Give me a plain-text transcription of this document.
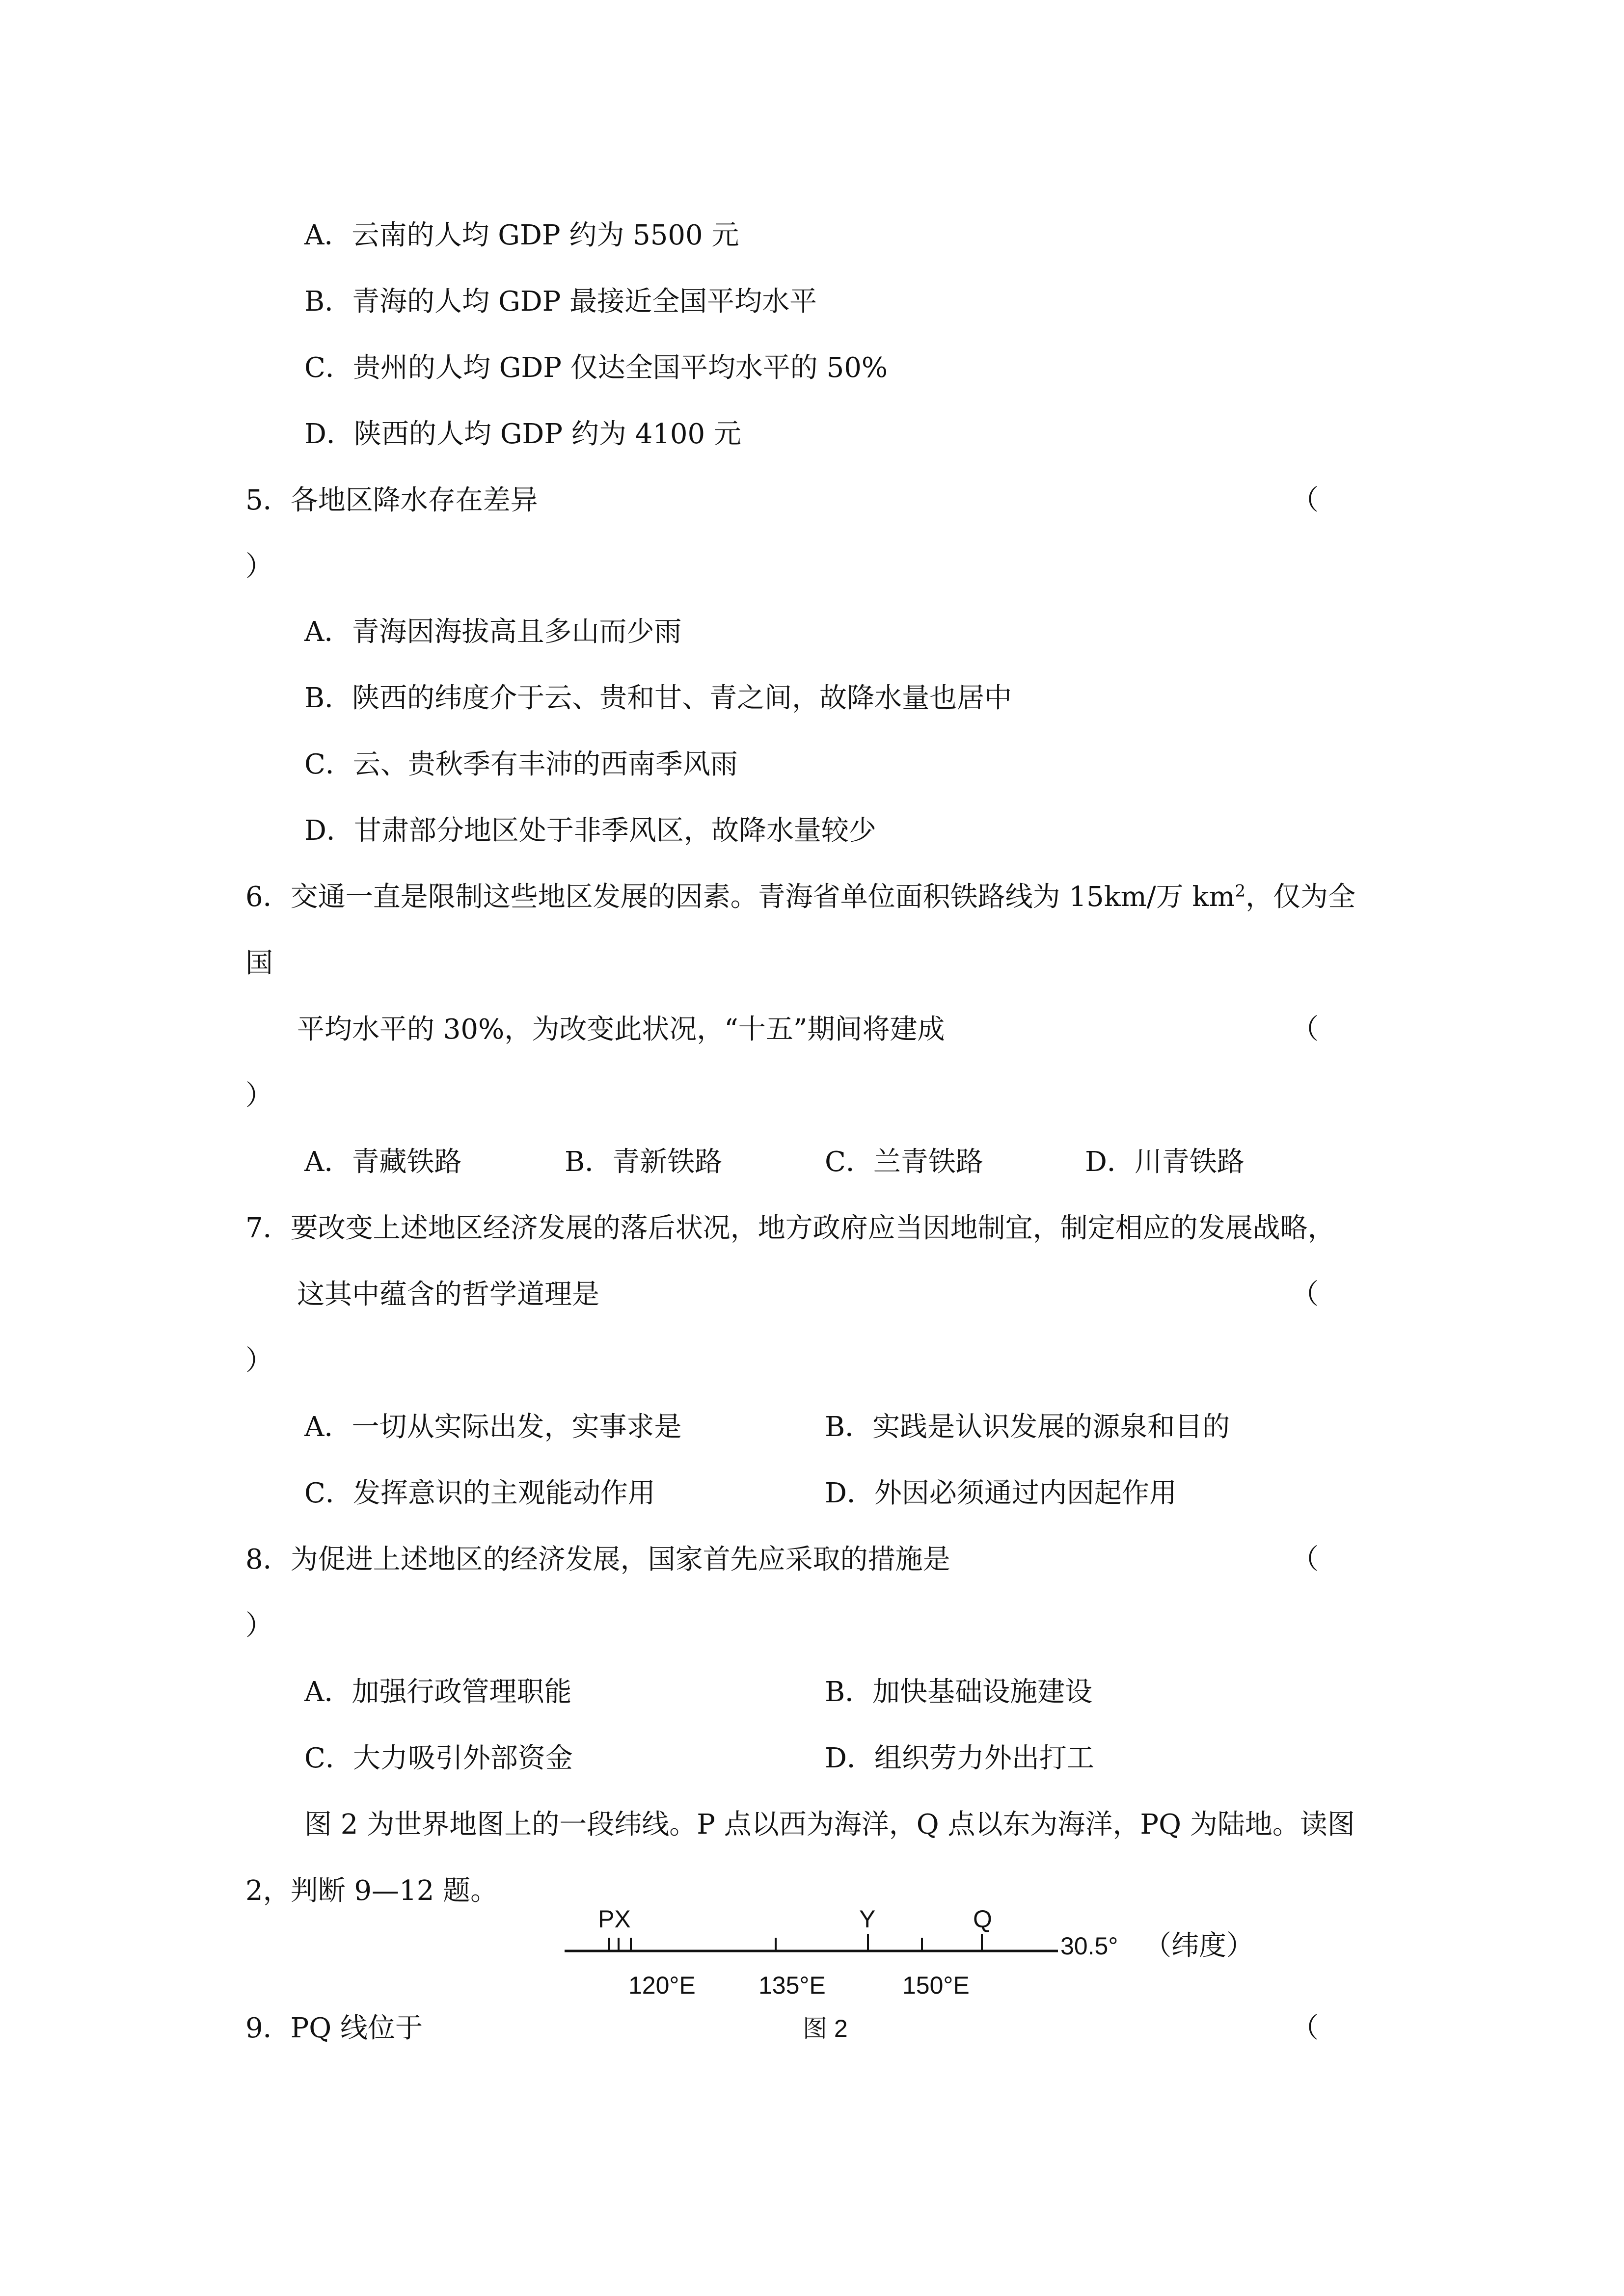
A．云南的人均 GDP 约为 5500 元
B．青海的人均 GDP 最接近全国平均水平
C．贵州的人均 GDP 仅达全国平均水平的 50%
D．陕西的人均 GDP 约为 4100 元
5．各地区降水存在差异	（
）
A．青海因海拔高且多山而少雨
B．陕西的纬度介于云、贵和甘、青之间，故降水量也居中
C．云、贵秋季有丰沛的西南季风雨
D．甘肃部分地区处于非季风区，故降水量较少
6．交通一直是限制这些地区发展的因素。青海省单位面积铁路线为 15km/万 $km^2$，仅为全
国
平均水平的 30%，为改变此状况，“十五”期间将建成	（
）
A．青藏铁路	B．青新铁路	C．兰青铁路	D．川青铁路
7．要改变上述地区经济发展的落后状况，地方政府应当因地制宜，制定相应的发展战略，
这其中蕴含的哲学道理是	（
）
A．一切从实际出发，实事求是	B．实践是认识发展的源泉和目的
C．发挥意识的主观能动作用	D．外因必须通过内因起作用
8．为促进上述地区的经济发展，国家首先应采取的措施是	（
）
A．加强行政管理职能	B．加快基础设施建设
C．大力吸引外部资金	D．组织劳力外出打工
图 2 为世界地图上的一段纬线。P 点以西为海洋，Q 点以东为海洋，PQ 为陆地。读图
2，判断 9—12 题。
PX	Y	Q
30.5° （纬度）
120°E	135°E	150°E
9．PQ 线位于	图 2	（
